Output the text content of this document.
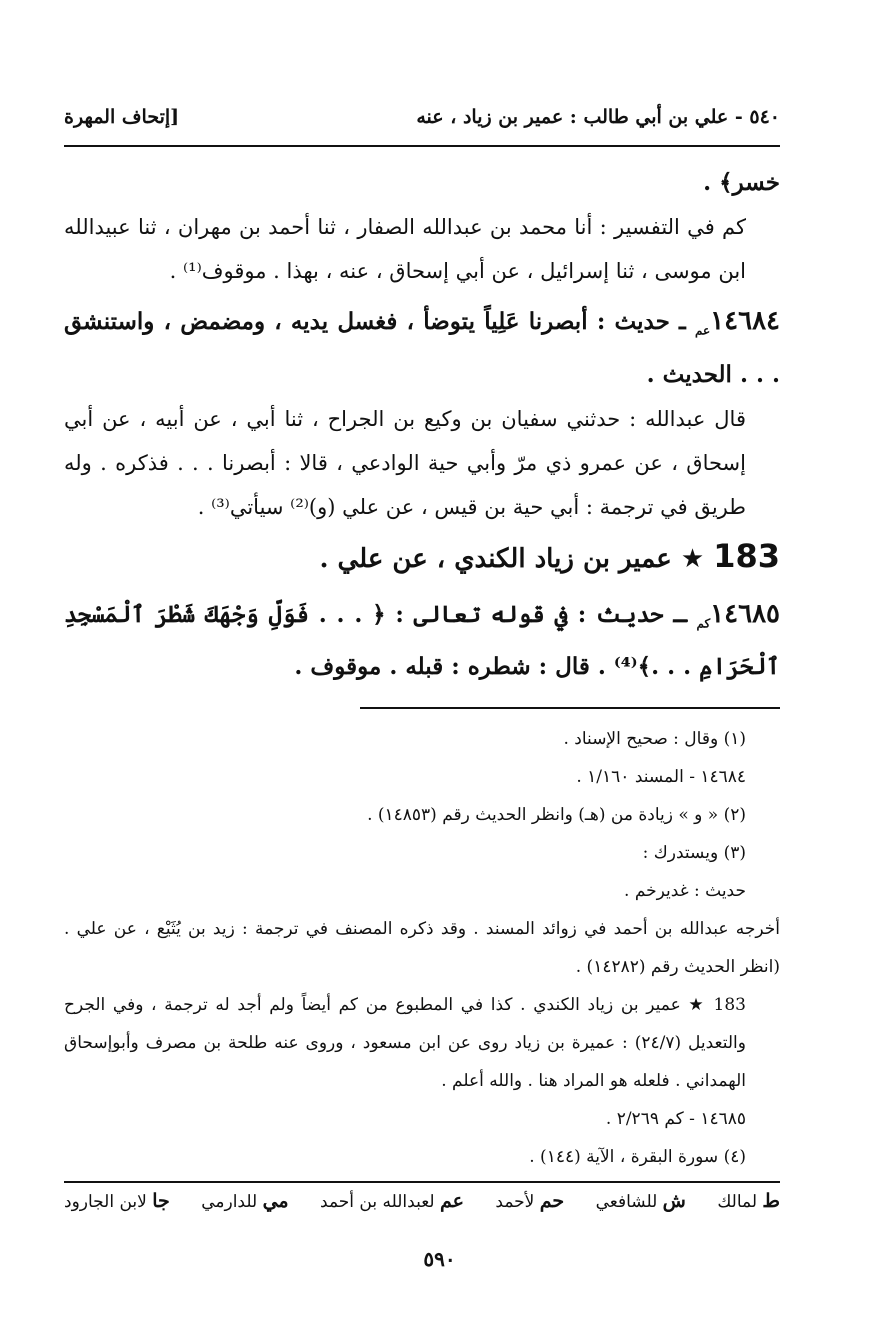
٥٤٠ - علي بن أبي طالب : عمير بن زياد ، عنه
[إتحاف المهرة

خسر﴾ .

كم في التفسير : أنا محمد بن عبدالله الصفار ، ثنا أحمد بن مهران ، ثنا عبيدالله ابن موسى ، ثنا إسرائيل ، عن أبي إسحاق ، عنه ، بهذا . موقوف⁽¹⁾ .

$١٤٦٨٤_{عم}$ ـ حديث : أبصرنا عَلِياً يتوضأ ، فغسل يديه ، ومضمض ، واستنشق . . . الحديث .

قال عبدالله : حدثني سفيان بن وكيع بن الجراح ، ثنا أبي ، عن أبيه ، عن أبي إسحاق ، عن عمرو ذي مرّ وأبي حية الوادعي ، قالا : أبصرنا . . . فذكره . وله طريق في ترجمة : أبي حية بن قيس ، عن علي (و)⁽²⁾ سيأتي⁽³⁾ .

183 ★ عمير بن زياد الكندي ، عن علي .

$١٤٦٨٥_{كم}$ ـ حديث : في قوله تعالى : ﴿ . . . فَوَلِّ وَجْهَكَ شَطْرَ ٱلْمَسْجِدِ ٱلْحَرَامِ . . .﴾⁽⁴⁾ . قال : شطره : قبله . موقوف .

(١) وقال : صحيح الإسناد .

١٤٦٨٤ - المسند ١/١٦٠ .

(٢) « و » زيادة من (هـ) وانظر الحديث رقم (١٤٨٥٣) .

(٣) ويستدرك :

حديث : غديرخم .

أخرجه عبدالله بن أحمد في زوائد المسند . وقد ذكره المصنف في ترجمة : زيد بن يُثَيْع ، عن علي . (انظر الحديث رقم (١٤٢٨٢) .

183 ★ عمير بن زياد الكندي . كذا في المطبوع من كم أيضاً ولم أجد له ترجمة ، وفي الجرح والتعديل (٢٤/٧) : عميرة بن زياد روى عن ابن مسعود ، وروى عنه طلحة بن مصرف وأبوإسحاق الهمداني . فلعله هو المراد هنا . والله أعلم .

١٤٦٨٥ - كم ٢/٢٦٩ .

(٤) سورة البقرة ، الآية (١٤٤) .

ط لمالك
ش للشافعي
حم لأحمد
عم لعبدالله بن أحمد
مي للدارمي
جا لابن الجارود
٥٩٠
